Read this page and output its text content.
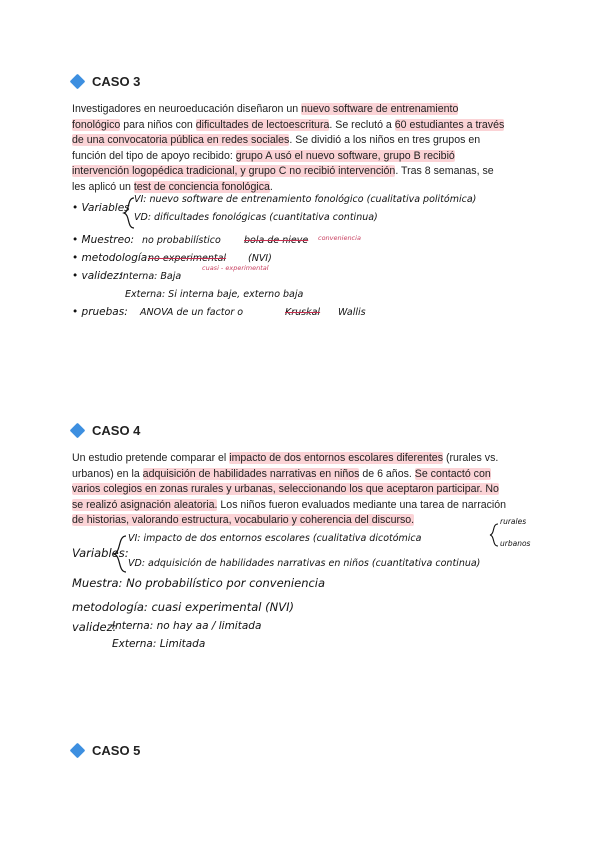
CASO 3
Investigadores en neuroeducación diseñaron un nuevo software de entrenamiento
fonológico para niños con dificultades de lectoescritura. Se reclutó a 60 estudiantes a través
de una convocatoria pública en redes sociales. Se dividió a los niños en tres grupos en
función del tipo de apoyo recibido: grupo A usó el nuevo software, grupo B recibió
intervención logopédica tradicional, y grupo C no recibió intervención. Tras 8 semanas, se
les aplicó un test de conciencia fonológica.
• Variables
VI: nuevo software de entrenamiento fonológico (cualitativa politómica)
VD: dificultades fonológicas (cuantitativa continua)
• Muestreo: no probabilístico bola de nieve conveniencia
• metodología:
no experimental (NVI)
cuasi - experimental
• validez:
Interna: Baja
Externa: Si interna baje, externo baja
• pruebas: ANOVA de un factor o	Kruskal Wallis
CASO 4
Un estudio pretende comparar el impacto de dos entornos escolares diferentes (rurales vs.
urbanos) en la adquisición de habilidades narrativas en niños de 6 años. Se contactó con
varios colegios en zonas rurales y urbanas, seleccionando los que aceptaron participar. No
se realizó asignación aleatoria. Los niños fueron evaluados mediante una tarea de narración
de historias, valorando estructura, vocabulario y coherencia del discurso.
Variables:
VI: impacto de dos entornos escolares (cualitativa dicotómica
rurales
urbanos
VD: adquisición de habilidades narrativas en niños (cuantitativa continua)
Muestra: No probabilístico por conveniencia
metodología: cuasi experimental (NVI)
validez:
Interna: no hay aa / limitada
Externa: Limitada
CASO 5
